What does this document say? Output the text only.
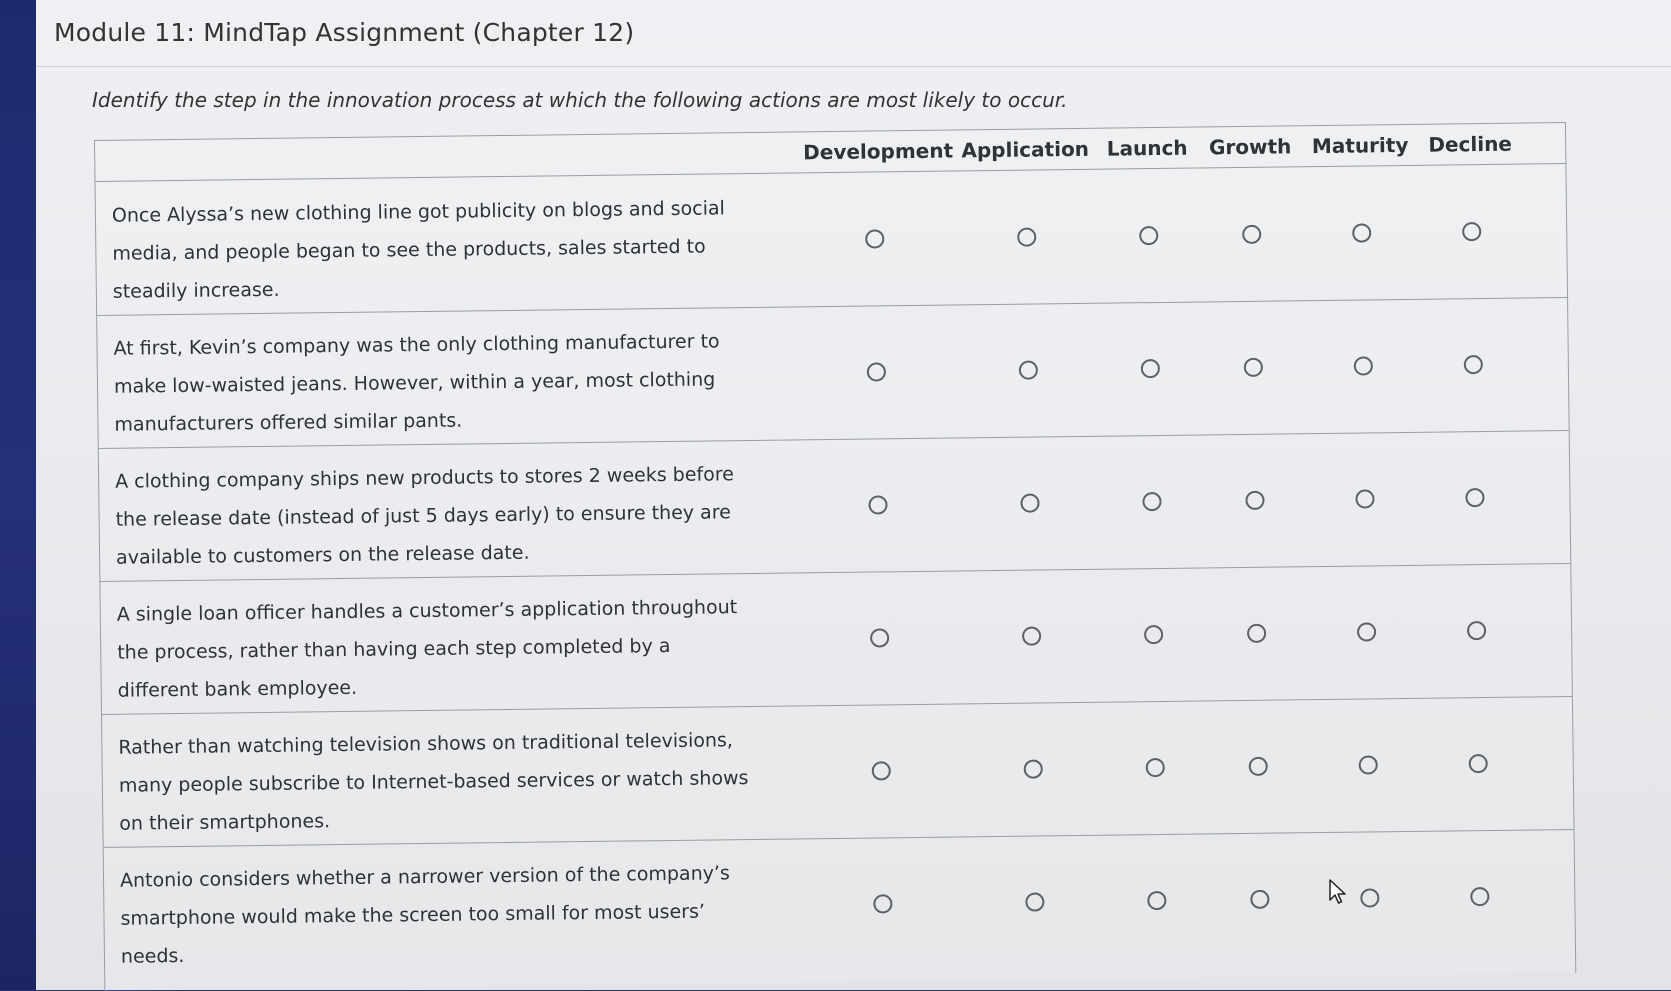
Module 11: MindTap Assignment (Chapter 12)
Identify the step in the innovation process at which the following actions are most likely to occur.
Development Application Launch	Growth	Maturity Decline
Once Alyssa’s new clothing line got publicity on blogs and social media, and people began to see the products, sales started to steadily increase.
At first, Kevin’s company was the only clothing manufacturer to make low-waisted jeans. However, within a year, most clothing manufacturers offered similar pants.
A clothing company ships new products to stores 2 weeks before the release date (instead of just 5 days early) to ensure they are available to customers on the release date.
A single loan officer handles a customer’s application throughout the process, rather than having each step completed by a different bank employee.
Rather than watching television shows on traditional televisions, many people subscribe to Internet-based services or watch shows on their smartphones.
Antonio considers whether a narrower version of the company’s smartphone would make the screen too small for most users’ needs.
